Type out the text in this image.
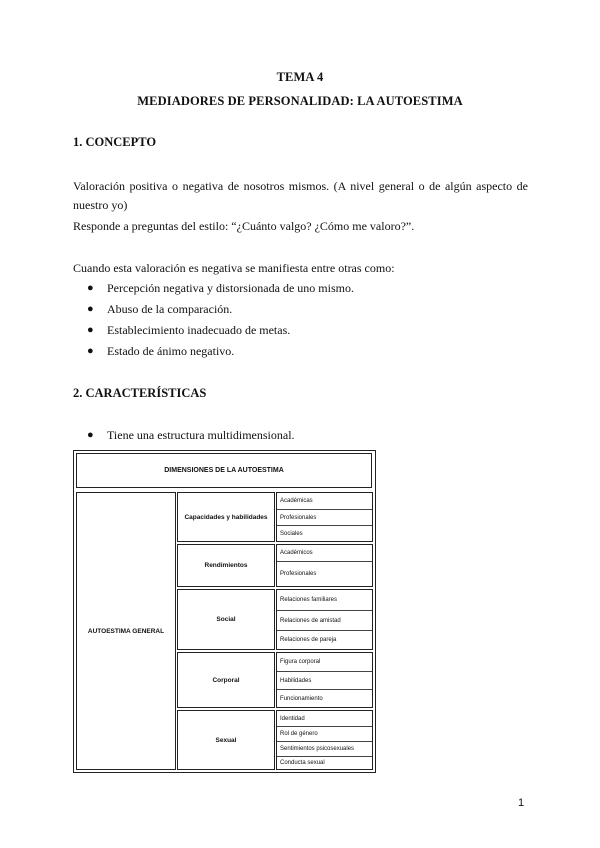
TEMA 4
MEDIADORES DE PERSONALIDAD: LA AUTOESTIMA
1. CONCEPTO
Valoración positiva o negativa de nosotros mismos. (A nivel general o de algún aspecto de nuestro yo)
Responde a preguntas del estilo: “¿Cuánto valgo? ¿Cómo me valoro?”.
Cuando esta valoración es negativa se manifiesta entre otras como:
● Percepción negativa y distorsionada de uno mismo.
● Abuso de la comparación.
● Establecimiento inadecuado de metas.
● Estado de ánimo negativo.
2. CARACTERÍSTICAS
● Tiene una estructura multidimensional.
DIMENSIONES DE LA AUTOESTIMA
AUTOESTIMA GENERAL
Capacidades y habilidades
Académicas
Profesionales
Sociales
Rendimientos
Académicos
Profesionales
Social
Relaciones familiares
Relaciones de amistad
Relaciones de pareja
Corporal
Figura corporal
Habilidades
Funcionamiento
Sexual
Identidad
Rol de género
Sentimientos psicosexuales
Conducta sexual
1
